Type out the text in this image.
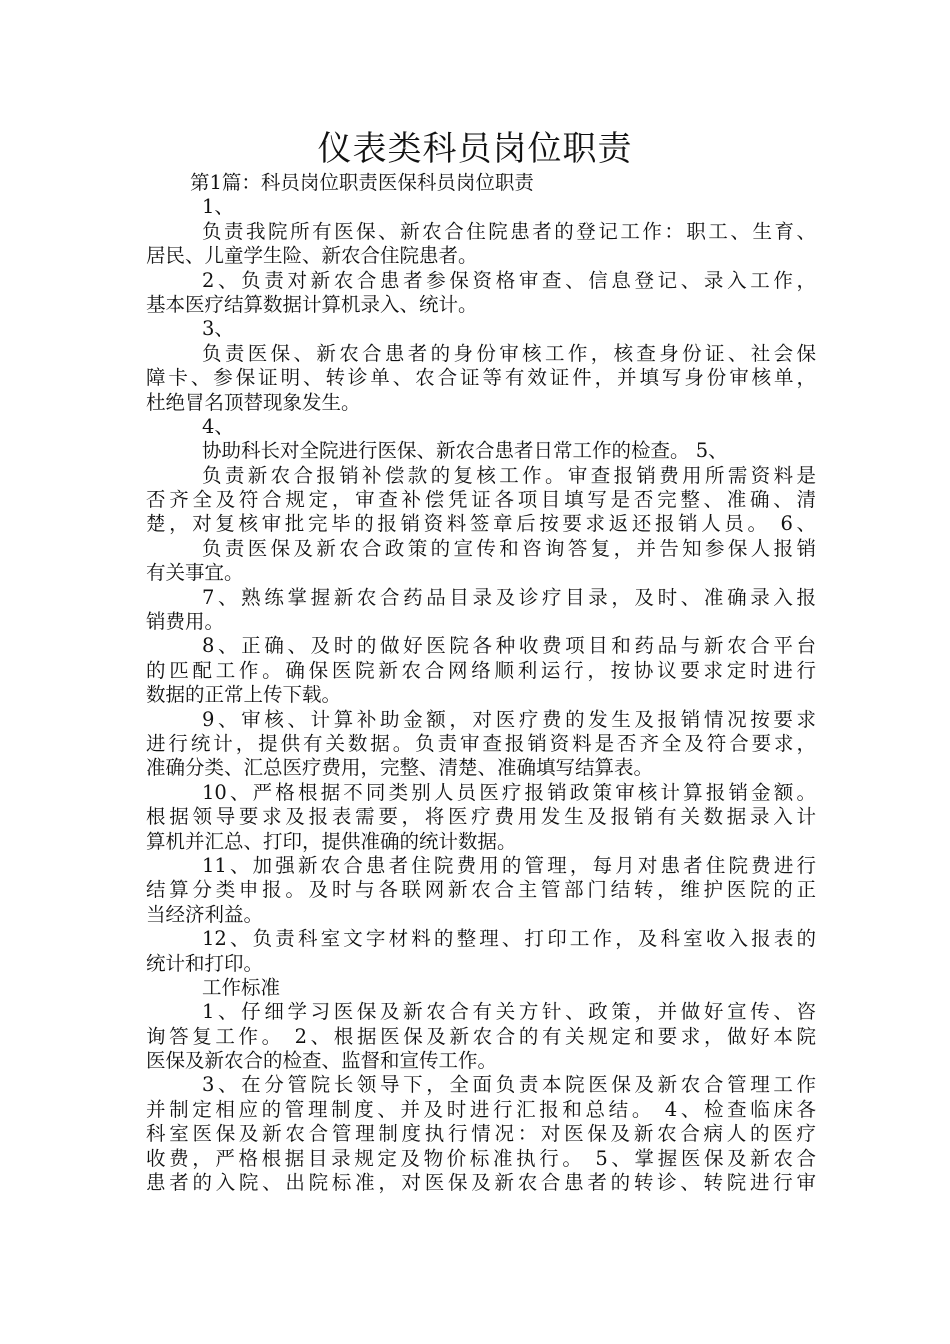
仪表类科员岗位职责
第1篇：科员岗位职责医保科员岗位职责
1、
负责我院所有医保、新农合住院患者的登记工作：职工、生育、
居民、儿童学生险、新农合住院患者。
2、负责对新农合患者参保资格审查、信息登记、录入工作，
基本医疗结算数据计算机录入、统计。
3、
负责医保、新农合患者的身份审核工作，核查身份证、社会保
障卡、参保证明、转诊单、农合证等有效证件，并填写身份审核单，
杜绝冒名顶替现象发生。
4、
协助科长对全院进行医保、新农合患者日常工作的检查。 5、
负责新农合报销补偿款的复核工作。审查报销费用所需资料是
否齐全及符合规定，审查补偿凭证各项目填写是否完整、准确、清
楚，对复核审批完毕的报销资料签章后按要求返还报销人员。 6、
负责医保及新农合政策的宣传和咨询答复，并告知参保人报销
有关事宜。
7、熟练掌握新农合药品目录及诊疗目录，及时、准确录入报
销费用。
8、正确、及时的做好医院各种收费项目和药品与新农合平台
的匹配工作。确保医院新农合网络顺利运行，按协议要求定时进行
数据的正常上传下载。
9、审核、计算补助金额，对医疗费的发生及报销情况按要求
进行统计，提供有关数据。负责审查报销资料是否齐全及符合要求，
准确分类、汇总医疗费用，完整、清楚、准确填写结算表。
10、严格根据不同类别人员医疗报销政策审核计算报销金额。
根据领导要求及报表需要，将医疗费用发生及报销有关数据录入计
算机并汇总、打印，提供准确的统计数据。
11、加强新农合患者住院费用的管理，每月对患者住院费进行
结算分类申报。及时与各联网新农合主管部门结转，维护医院的正
当经济利益。
12、负责科室文字材料的整理、打印工作，及科室收入报表的
统计和打印。
工作标准
1、仔细学习医保及新农合有关方针、政策，并做好宣传、咨
询答复工作。 2、根据医保及新农合的有关规定和要求，做好本院
医保及新农合的检查、监督和宣传工作。
3、在分管院长领导下，全面负责本院医保及新农合管理工作
并制定相应的管理制度、并及时进行汇报和总结。 4、检查临床各
科室医保及新农合管理制度执行情况：对医保及新农合病人的医疗
收费，严格根据目录规定及物价标准执行。 5、掌握医保及新农合
患者的入院、出院标准，对医保及新农合患者的转诊、转院进行审
